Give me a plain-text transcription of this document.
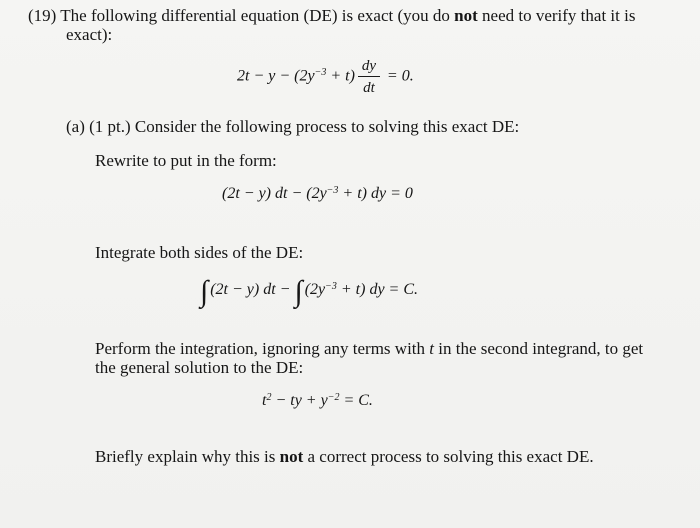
(19) The following differential equation (DE) is exact (you do not need to verify that it is
exact):
$2t - y - (2y^{-3} + t) \frac{dy}{dt} = 0$.
(a) (1 pt.) Consider the following process to solving this exact DE:
Rewrite to put in the form:
(2t − y) dt − $(2y^{-3} + t)$ dy = 0
Integrate both sides of the DE:
∫ (2t − y) dt − ∫ $(2y^{-3} + t)$ dy = C.
Perform the integration, ignoring any terms with t in the second integrand, to get
the general solution to the DE:
$t^2$ − ty + $y^{-2} = C$.
Briefly explain why this is not a correct process to solving this exact DE.
